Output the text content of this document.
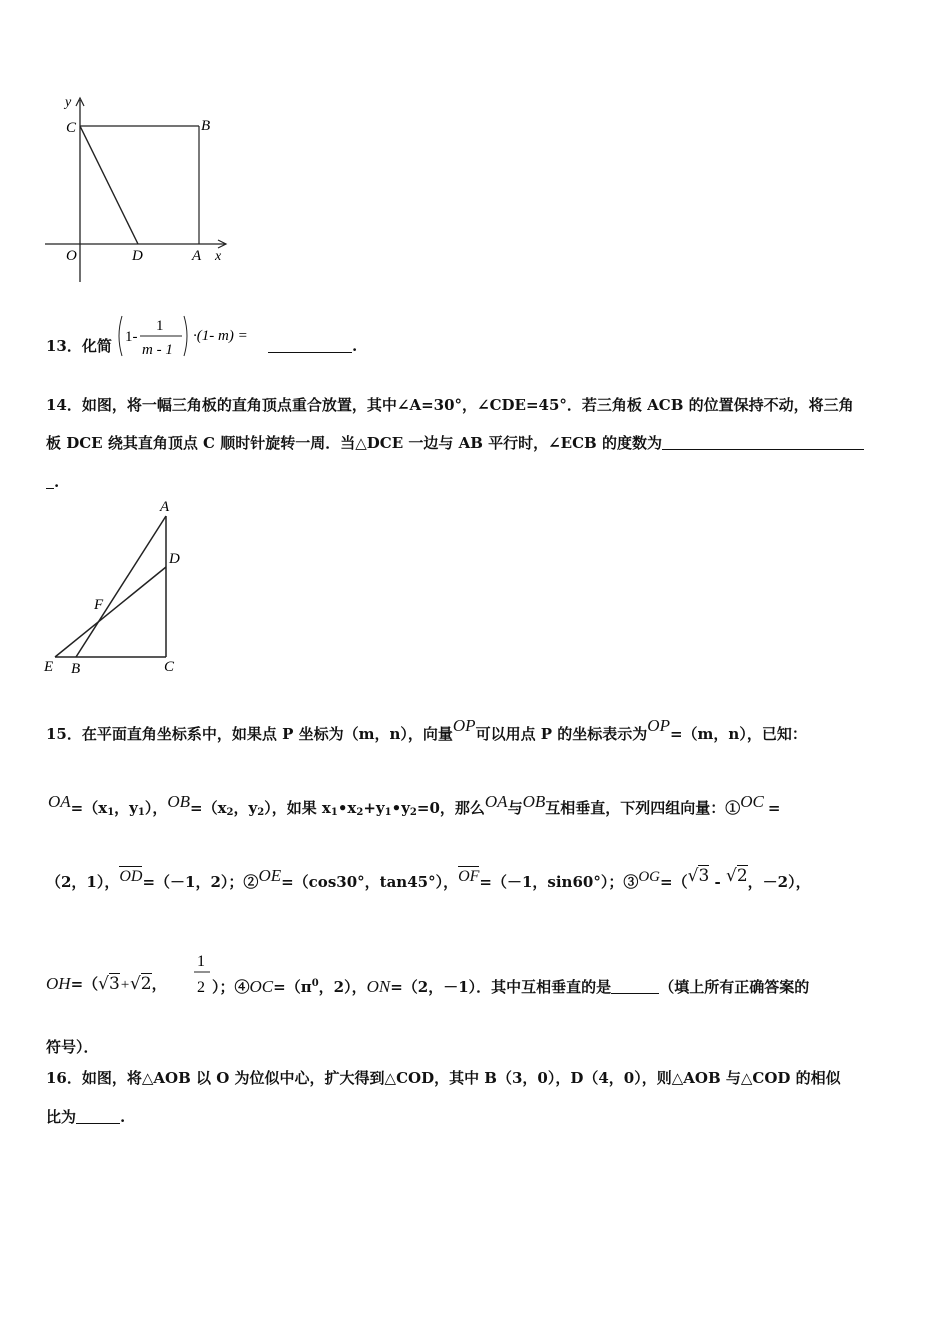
y
C	B
O	D	A x
13．化简 1-
1
m - 1
·(1- m) =
.
14．如图，将一幅三角板的直角顶点重合放置，其中∠A=30°，∠CDE=45°．若三角板 ACB 的位置保持不动，将三角
板 DCE 绕其直角顶点 C 顺时针旋转一周．当△DCE 一边与 AB 平行时，∠ECB 的度数为
.
A
D
F
E B	C
15．在平面直角坐标系中，如果点 P 坐标为（m，n），向量OP可以用点 P 的坐标表示为OP=（m，n），已知：
$OA=(x_1$，$y_1$），$OB=(x_2$，$y_2$），如果 $x_1•x_2+y_1•y_2=0$，那么OA与OB互相垂直，下列四组向量：①OC =
（2，1），OD=（－1，2）；②OE=（cos30°，tan45°），OF=（－1，sin60°）；③OG=（√3 - √2，－2），
OH=（√3+√2，
1
2 ）；$④OC=(\pi^0$，2），ON=（2，－1）．其中互相垂直的是	（填上所有正确答案的
符号）．
16．如图，将△AOB 以 O 为位似中心，扩大得到△COD，其中 B（3，0），D（4，0），则△AOB 与△COD 的相似
比为	.
